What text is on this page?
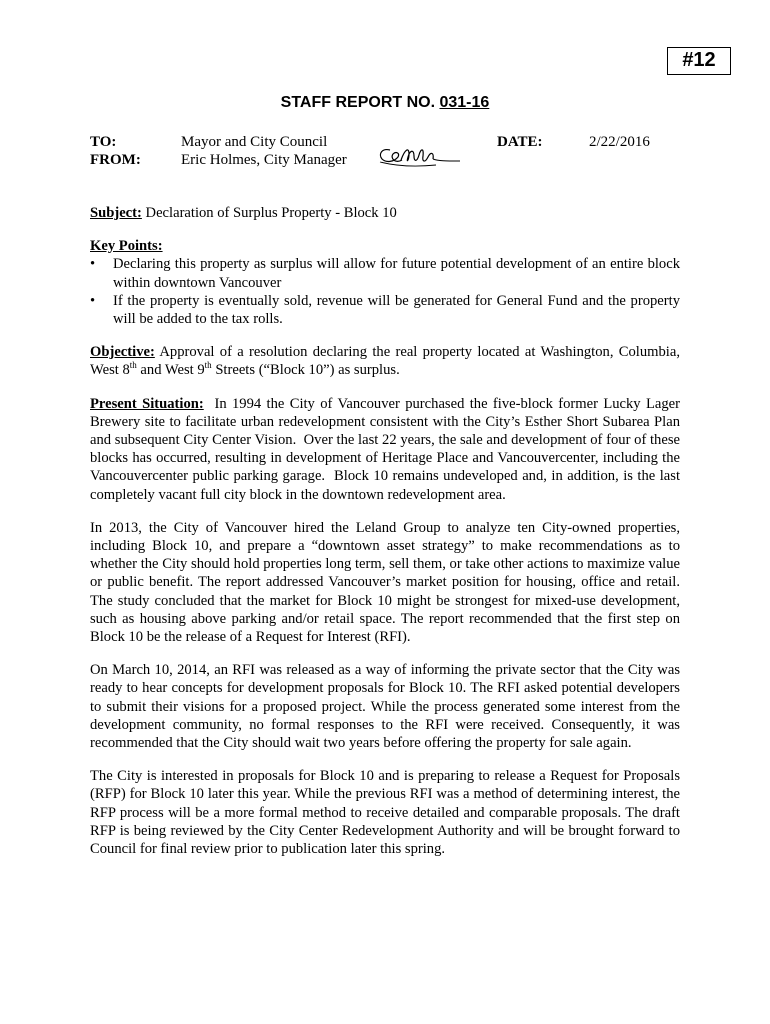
#12
STAFF REPORT NO. 031-16
TO:	Mayor and City Council
FROM:	Eric Holmes, City Manager
DATE:	2/22/2016

Subject: Declaration of Surplus Property - Block 10

Key Points:
• Declaring this property as surplus will allow for future potential development of an entire block within downtown Vancouver
• If the property is eventually sold, revenue will be generated for General Fund and the property will be added to the tax rolls.

Objective: Approval of a resolution declaring the real property located at Washington, Columbia, West 8th and West 9th Streets (“Block 10”) as surplus.

Present Situation:  In 1994 the City of Vancouver purchased the five-block former Lucky Lager Brewery site to facilitate urban redevelopment consistent with the City’s Esther Short Subarea Plan and subsequent City Center Vision.  Over the last 22 years, the sale and development of four of these blocks has occurred, resulting in development of Heritage Place and Vancouvercenter, including the Vancouvercenter public parking garage.  Block 10 remains undeveloped and, in addition, is the last completely vacant full city block in the downtown redevelopment area.

In 2013, the City of Vancouver hired the Leland Group to analyze ten City-owned properties, including Block 10, and prepare a “downtown asset strategy” to make recommendations as to whether the City should hold properties long term, sell them, or take other actions to maximize value or public benefit. The report addressed Vancouver’s market position for housing, office and retail. The study concluded that the market for Block 10 might be strongest for mixed-use development, such as housing above parking and/or retail space. The report recommended that the first step on Block 10 be the release of a Request for Interest (RFI).

On March 10, 2014, an RFI was released as a way of informing the private sector that the City was ready to hear concepts for development proposals for Block 10. The RFI asked potential developers to submit their visions for a proposed project. While the process generated some interest from the development community, no formal responses to the RFI were received. Consequently, it was recommended that the City should wait two years before offering the property for sale again.

The City is interested in proposals for Block 10 and is preparing to release a Request for Proposals (RFP) for Block 10 later this year. While the previous RFI was a method of determining interest, the RFP process will be a more formal method to receive detailed and comparable proposals. The draft RFP is being reviewed by the City Center Redevelopment Authority and will be brought forward to Council for final review prior to publication later this spring.
